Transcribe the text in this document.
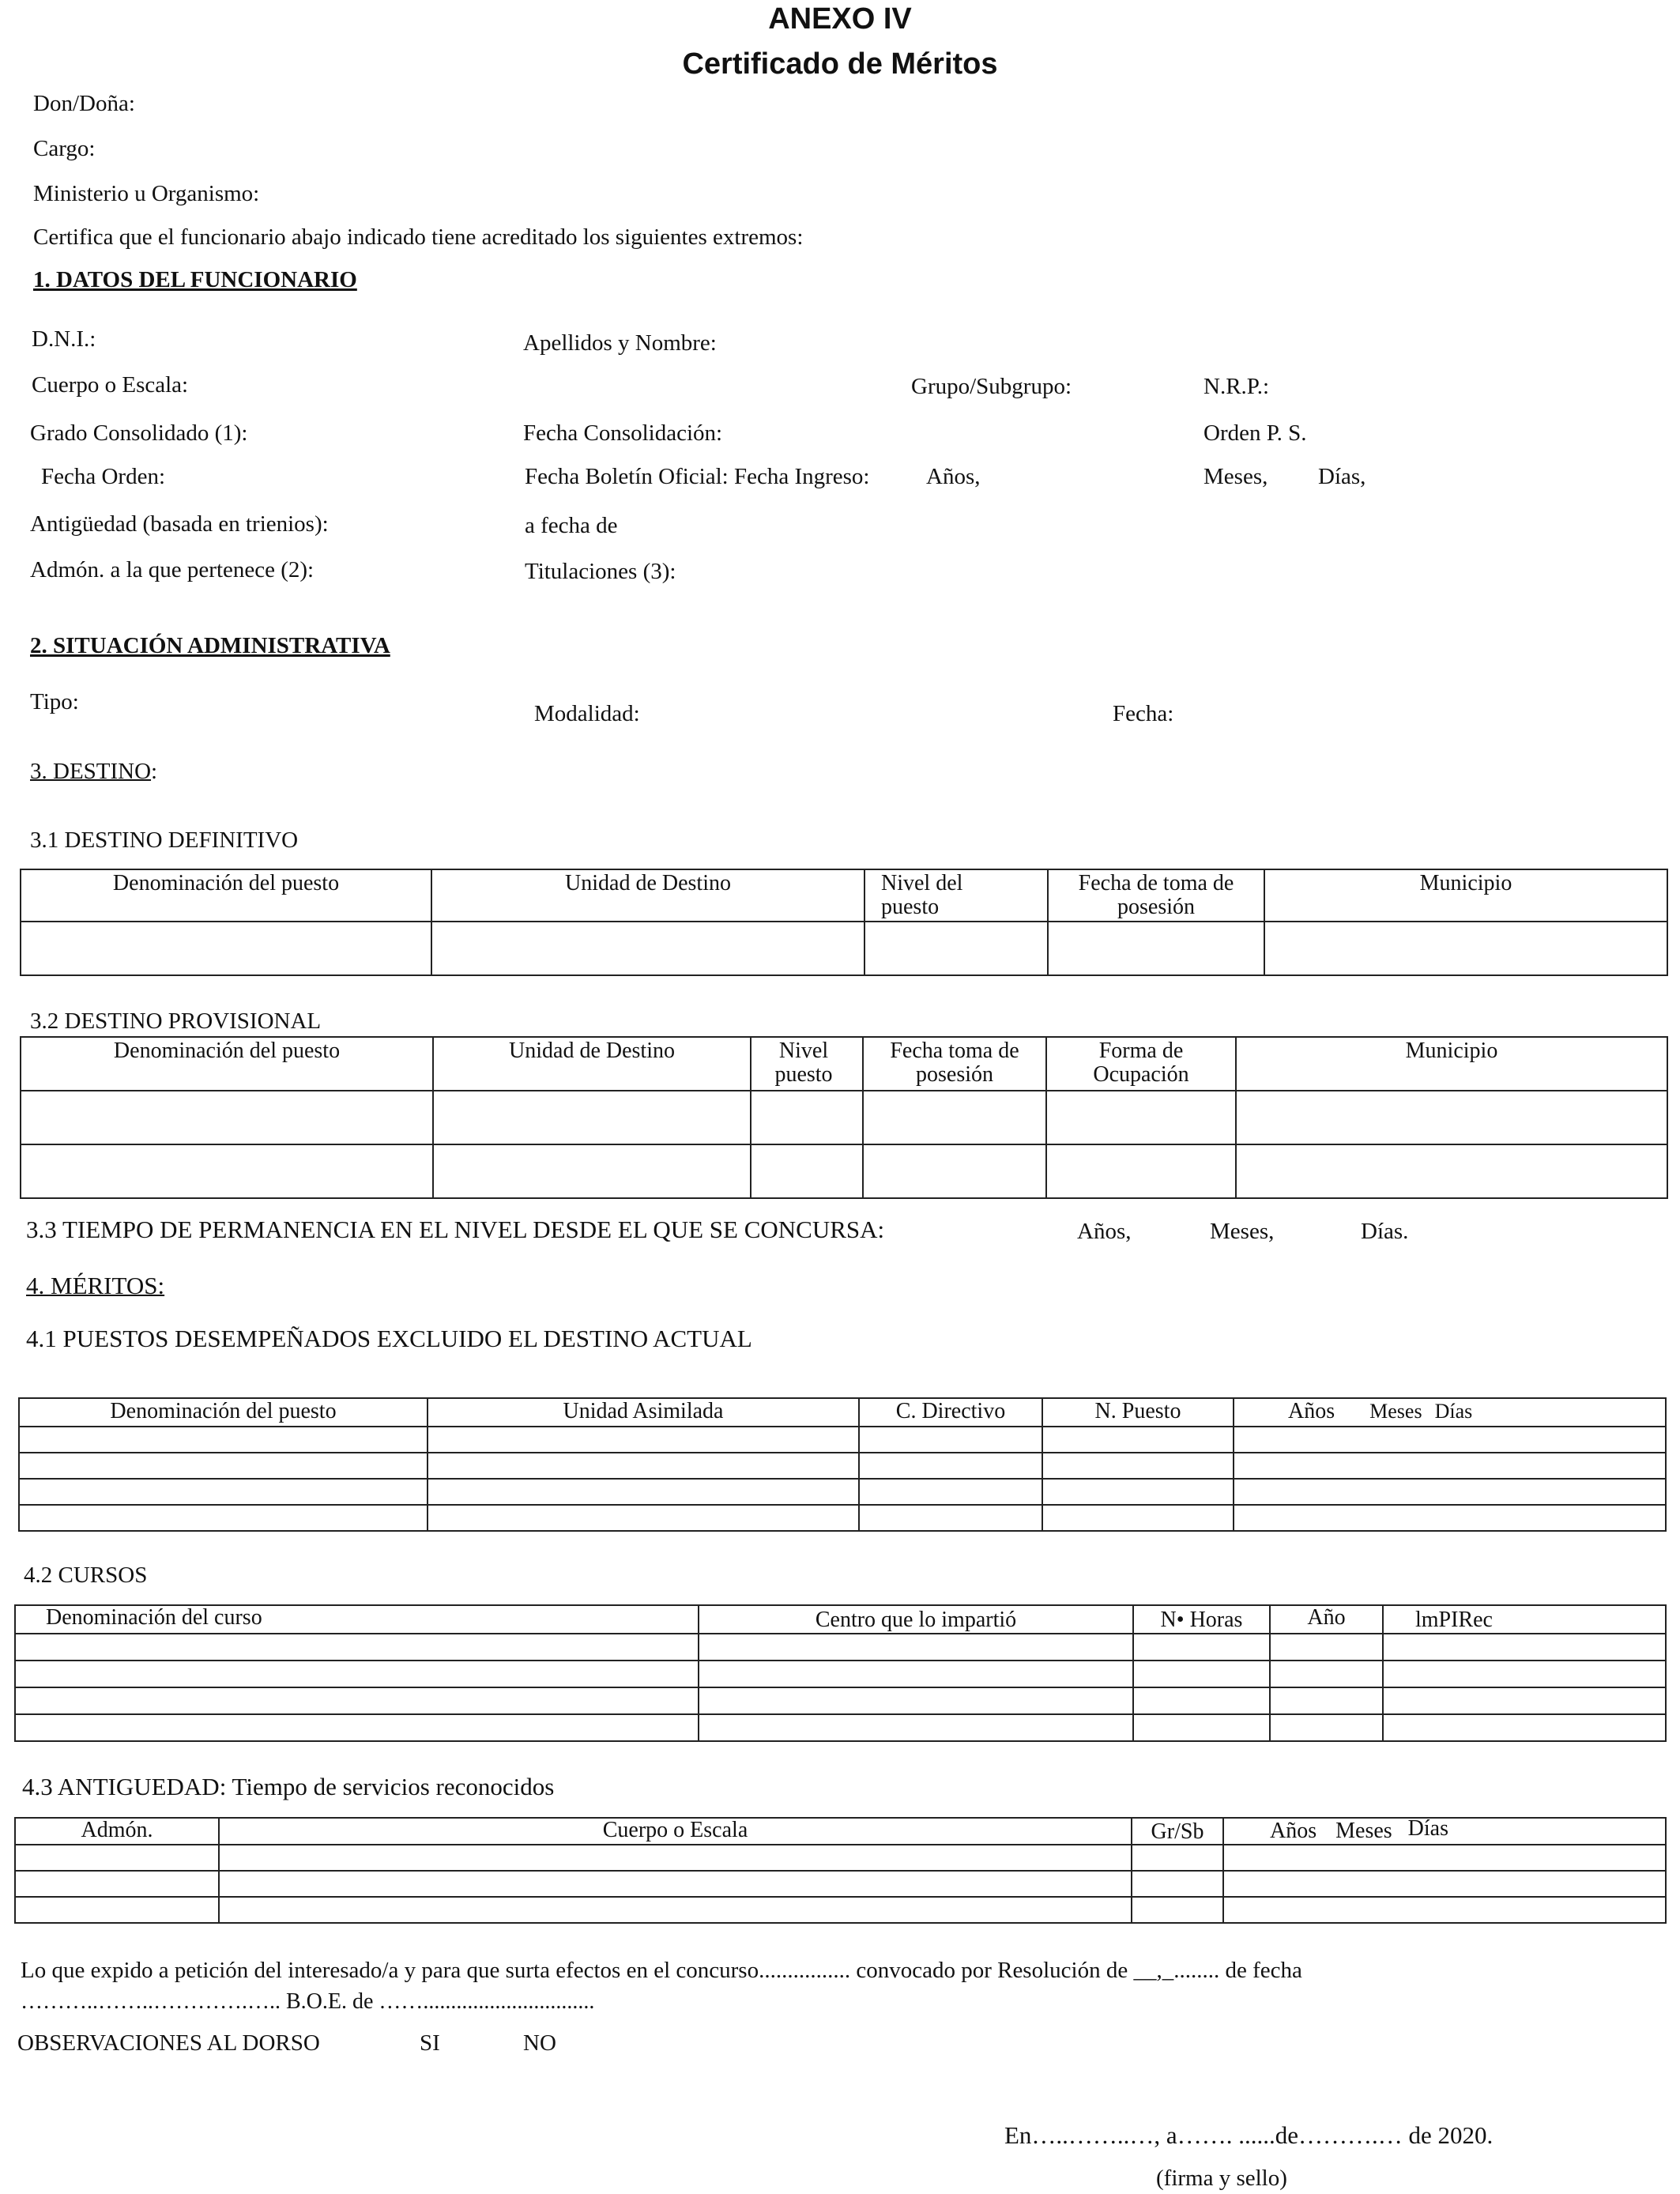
ANEXO IV
Certificado de Méritos
Don/Doña:
Cargo:
Ministerio u Organismo:
Certifica que el funcionario abajo indicado tiene acreditado los siguientes extremos:
1. DATOS DEL FUNCIONARIO
D.N.I.:	Apellidos y Nombre:
Cuerpo o Escala:	Grupo/Subgrupo:	N.R.P.:
Grado Consolidado (1):	Fecha Consolidación:	Orden P. S.
Fecha Orden:	Fecha Boletín Oficial: Fecha Ingreso: Años,	Meses, Días,
Antigüedad (basada en trienios):	a fecha de
Admón. a la que pertenece (2):	Titulaciones (3):
2. SITUACIÓN ADMINISTRATIVA
Tipo:	Modalidad:	Fecha:
3. DESTINO:
3.1 DESTINO DEFINITIVO
Denominación del puesto	Unidad de Destino	Nivel del puesto	Fecha de toma de posesión	Municipio

3.2 DESTINO PROVISIONAL
Denominación del puesto	Unidad de Destino	Nivel puesto	Fecha toma de posesión	Forma de Ocupación	Municipio

3.3 TIEMPO DE PERMANENCIA EN EL NIVEL DESDE EL QUE SE CONCURSA:	Años,	Meses,	Días.
4. MÉRITOS:
4.1 PUESTOS DESEMPEÑADOS EXCLUIDO EL DESTINO ACTUAL
Denominación del puesto	Unidad Asimilada	C. Directivo	N. Puesto	Años Meses Días

4.2 CURSOS
Denominación del curso	Centro que lo impartió	N• Horas	Año	lmPIRec

4.3 ANTIGUEDAD: Tiempo de servicios reconocidos
Admón.	Cuerpo o Escala	Gr/Sb	Años Meses Días

Lo que expido a petición del interesado/a y para que surta efectos en el concurso................ convocado por Resolución de __,_........ de fecha
………..……..………….….. B.O.E. de ……...............................
OBSERVACIONES AL DORSO	SI	NO
En…..……..…, a……. ......de……….… de 2020.
(firma y sello)
